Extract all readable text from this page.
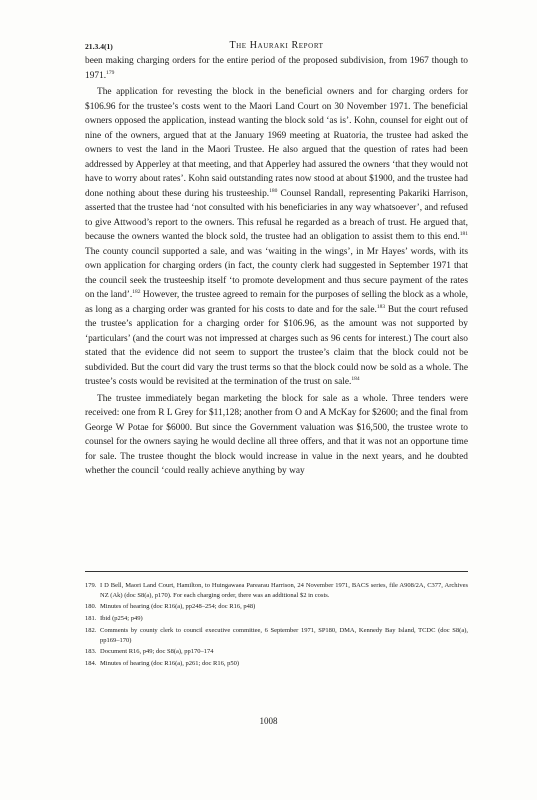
21.3.4(1)	The Hauraki Report

been making charging orders for the entire period of the proposed subdivision, from 1967 though to 1971.$^{179}$

The application for revesting the block in the beneficial owners and for charging orders for $106.96 for the trustee’s costs went to the Maori Land Court on 30 November 1971. The beneficial owners opposed the application, instead wanting the block sold ‘as is’. Kohn, counsel for eight out of nine of the owners, argued that at the January 1969 meeting at Ruatoria, the trustee had asked the owners to vest the land in the Maori Trustee. He also argued that the question of rates had been addressed by Apperley at that meeting, and that Apperley had assured the owners ‘that they would not have to worry about rates’. Kohn said outstanding rates now stood at about $1900, and the trustee had done nothing about these during his trusteeship.$^{180}$ Counsel Randall, representing Pakariki Harrison, asserted that the trustee had ‘not consulted with his beneficiaries in any way whatsoever’, and refused to give Attwood’s report to the owners. This refusal he regarded as a breach of trust. He argued that, because the owners wanted the block sold, the trustee had an obligation to assist them to this end.$^{181}$ The county council supported a sale, and was ‘waiting in the wings’, in Mr Hayes’ words, with its own application for charging orders (in fact, the county clerk had suggested in September 1971 that the council seek the trusteeship itself ‘to promote development and thus secure payment of the rates on the land’.$^{182}$ However, the trustee agreed to remain for the purposes of selling the block as a whole, as long as a charging order was granted for his costs to date and for the sale.$^{183}$ But the court refused the trustee’s application for a charging order for $106.96, as the amount was not supported by ‘particulars’ (and the court was not impressed at charges such as 96 cents for interest.) The court also stated that the evidence did not seem to support the trustee’s claim that the block could not be subdivided. But the court did vary the trust terms so that the block could now be sold as a whole. The trustee’s costs would be revisited at the termination of the trust on sale.$^{184}$

The trustee immediately began marketing the block for sale as a whole. Three tenders were received: one from R L Grey for $11,128; another from O and A McKay for $2600; and the final from George W Potae for $6000. But since the Government valuation was $16,500, the trustee wrote to counsel for the owners saying he would decline all three offers, and that it was not an opportune time for sale. The trustee thought the block would increase in value in the next years, and he doubted whether the council ‘could really achieve anything by way

179. I D Bell, Maori Land Court, Hamilton, to Huingawaea Parearau Harrison, 24 November 1971, BACS series, file A908/2A, C377, Archives NZ (Ak) (doc S8(a), p170). For each charging order, there was an additional $2 in costs.
180. Minutes of hearing (doc R16(a), pp248–254; doc R16, p48)
181. Ibid (p254; p49)
182. Comments by county clerk to council executive committee, 6 September 1971, SP180, DMA, Kennedy Bay Island, TCDC (doc S8(a), pp169–170)
183. Document R16, p49; doc S8(a), pp170–174
184. Minutes of hearing (doc R16(a), p261; doc R16, p50)
1008
